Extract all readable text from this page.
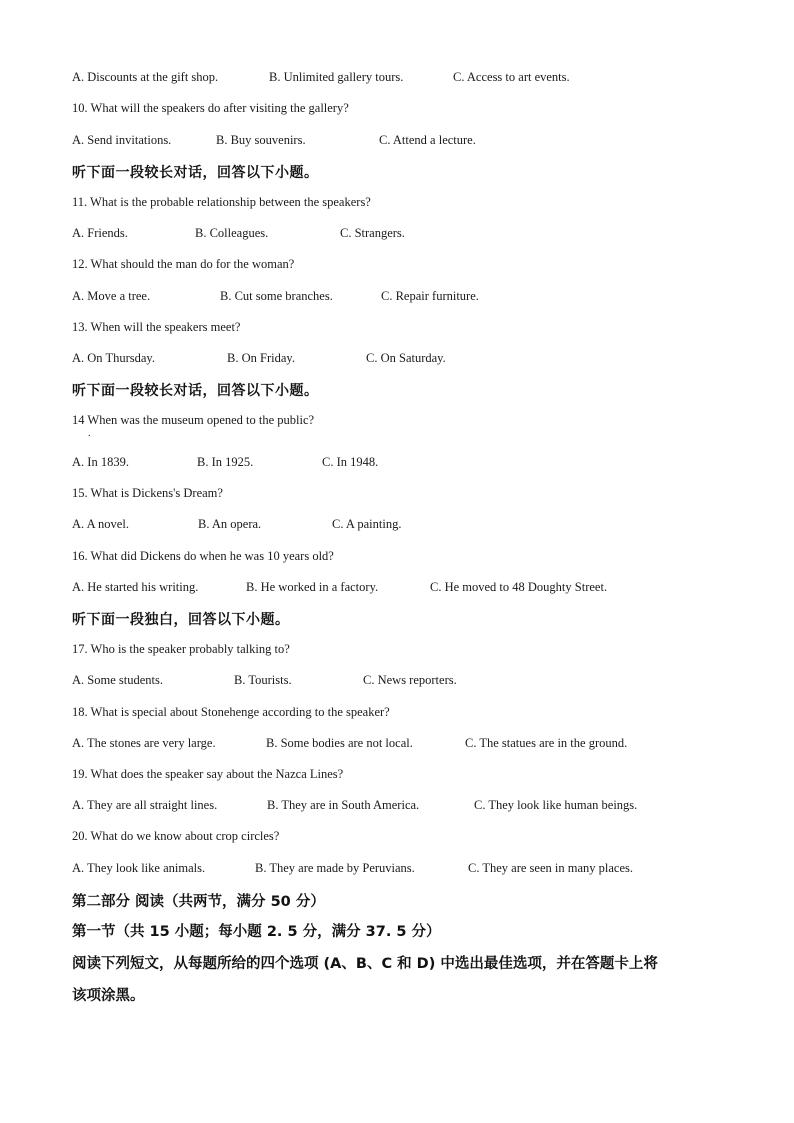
A. Discounts at the gift shop.	B. Unlimited gallery tours.	C. Access to art events.
10. What will the speakers do after visiting the gallery?
A. Send invitations.	B. Buy souvenirs.	C. Attend a lecture.
听下面一段较长对话，回答以下小题。
11. What is the probable relationship between the speakers?
A. Friends.	B. Colleagues.	C. Strangers.
12. What should the man do for the woman?
A. Move a tree.	B. Cut some branches.	C. Repair furniture.
13. When will the speakers meet?
A. On Thursday.	B. On Friday.	C. On Saturday.
听下面一段较长对话，回答以下小题。
14 When was the museum opened to the public?
.
A. In 1839.	B. In 1925.	C. In 1948.
15. What is Dickens's Dream?
A. A novel.	B. An opera.	C. A painting.
16. What did Dickens do when he was 10 years old?
A. He started his writing.	B. He worked in a factory.	C. He moved to 48 Doughty Street.
听下面一段独白，回答以下小题。
17. Who is the speaker probably talking to?
A. Some students.	B. Tourists.	C. News reporters.
18. What is special about Stonehenge according to the speaker?
A. The stones are very large.	B. Some bodies are not local.	C. The statues are in the ground.
19. What does the speaker say about the Nazca Lines?
A. They are all straight lines.	B. They are in South America.	C. They look like human beings.
20. What do we know about crop circles?
A. They look like animals.	B. They are made by Peruvians.	C. They are seen in many places.
第二部分 阅读（共两节，满分 50 分）
第一节（共 15 小题；每小题 2. 5 分，满分 37. 5 分）
阅读下列短文，从每题所给的四个选项 (A、B、C 和 D) 中选出最佳选项，并在答题卡上将
该项涂黑。
